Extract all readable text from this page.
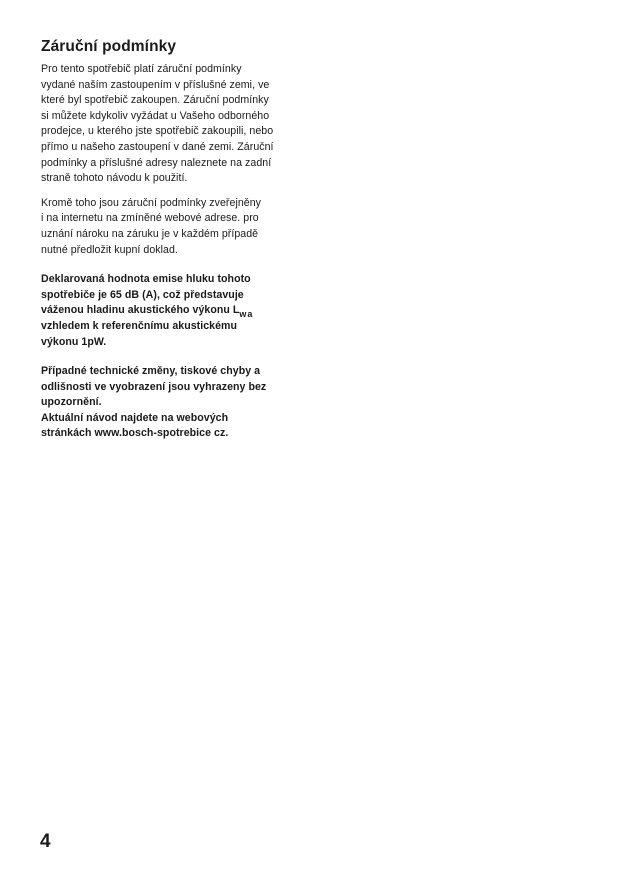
Záruční podmínky
Pro tento spotřebič platí záruční podmínky
vydané naším zastoupením v příslušné zemi, ve
které byl spotřebič zakoupen. Záruční podmínky
si můžete kdykoliv vyžádat u Vašeho odborného
prodejce, u kterého jste spotřebič zakoupili, nebo
přímo u našeho zastoupení v dané zemi. Záruční
podmínky a příslušné adresy naleznete na zadní
straně tohoto návodu k použití.
Kromě toho jsou záruční podmínky zveřejněny
i na internetu na zmíněné webové adrese. pro
uznání nároku na záruku je v každém případě
nutné předložit kupní doklad.
Deklarovaná hodnota emise hluku tohoto
spotřebiče je 65 dB (A), což představuje
váženou hladinu akustického výkonu $L_{wa}$
vzhledem k referenčnímu akustickému
výkonu 1pW.
Případné technické změny, tiskové chyby a
odlišnosti ve vyobrazení jsou vyhrazeny bez
upozornění.
Aktuální návod najdete na webových
stránkách www.bosch-spotrebice cz.
4
